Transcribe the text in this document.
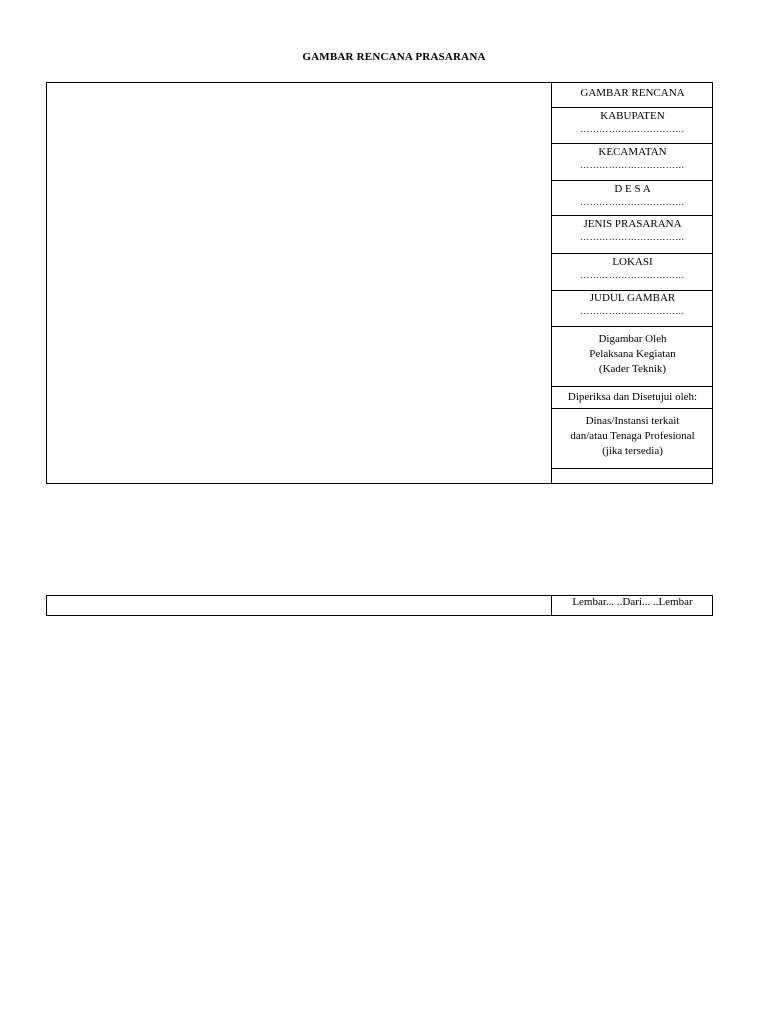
GAMBAR RENCANA PRASARANA
GAMBAR RENCANA
KABUPATEN
……………………………
KECAMATAN
……………………………
D E S A
……………………………
JENIS PRASARANA
……………………………
LOKASI
……………………………
JUDUL GAMBAR
……………………………
Digambar Oleh
Pelaksana Kegiatan
(Kader Teknik)
Diperiksa dan Disetujui oleh:
Dinas/Instansi terkait
dan/atau Tenaga Profesional
(jika tersedia)
Lembar... ..Dari... ..Lembar
